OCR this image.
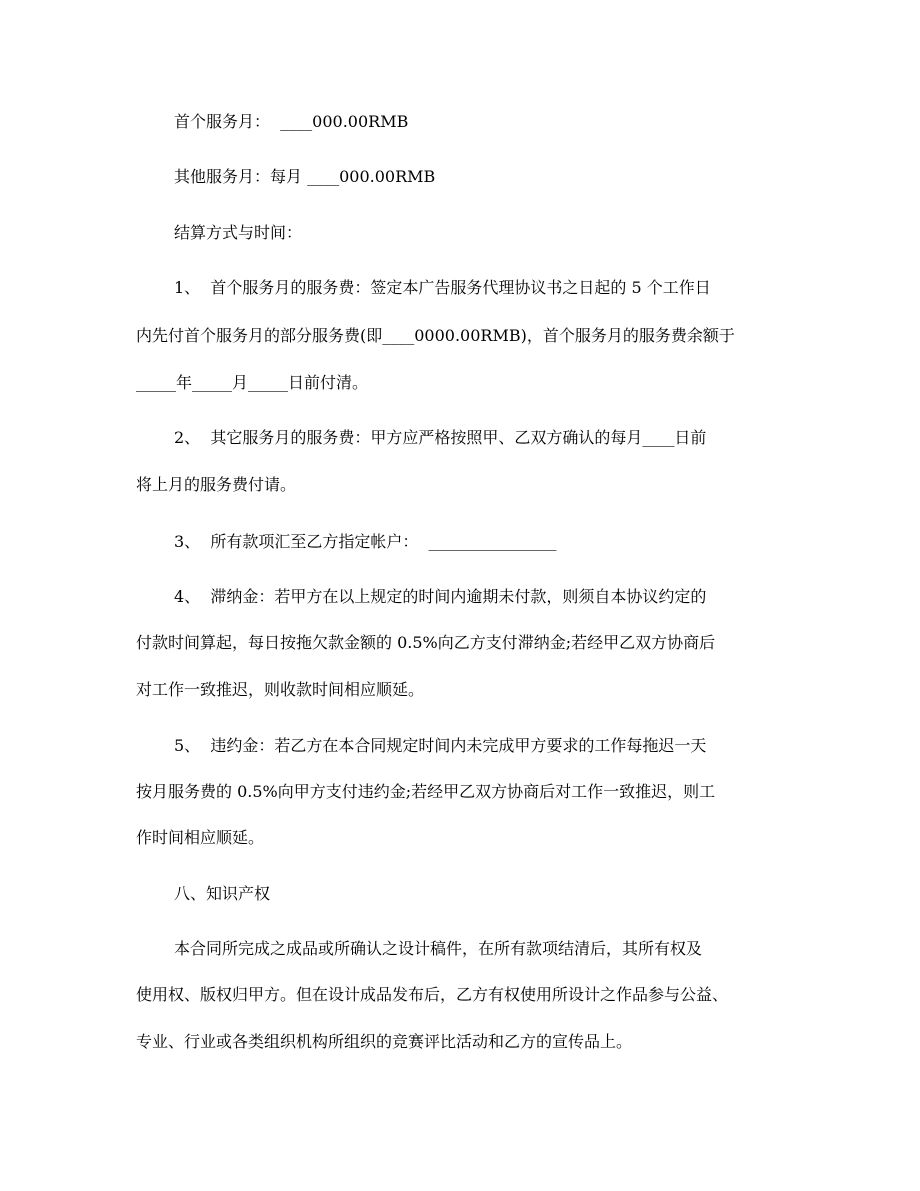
首个服务月：  ____000.00RMB
其他服务月：每月 ____000.00RMB
结算方式与时间：
1、  首个服务月的服务费：签定本广告服务代理协议书之日起的 5 个工作日
内先付首个服务月的部分服务费(即____0000.00RMB)，首个服务月的服务费余额于
_____年_____月_____日前付清。
2、  其它服务月的服务费：甲方应严格按照甲、乙双方确认的每月____日前
将上月的服务费付请。
3、  所有款项汇至乙方指定帐户：  ________________
4、  滞纳金：若甲方在以上规定的时间内逾期未付款，则须自本协议约定的
付款时间算起，每日按拖欠款金额的 0.5%向乙方支付滞纳金;若经甲乙双方协商后
对工作一致推迟，则收款时间相应顺延。
5、  违约金：若乙方在本合同规定时间内未完成甲方要求的工作每拖迟一天
按月服务费的 0.5%向甲方支付违约金;若经甲乙双方协商后对工作一致推迟，则工
作时间相应顺延。
八、知识产权
本合同所完成之成品或所确认之设计稿件，在所有款项结清后，其所有权及
使用权、版权归甲方。但在设计成品发布后，乙方有权使用所设计之作品参与公益、
专业、行业或各类组织机构所组织的竞赛评比活动和乙方的宣传品上。
